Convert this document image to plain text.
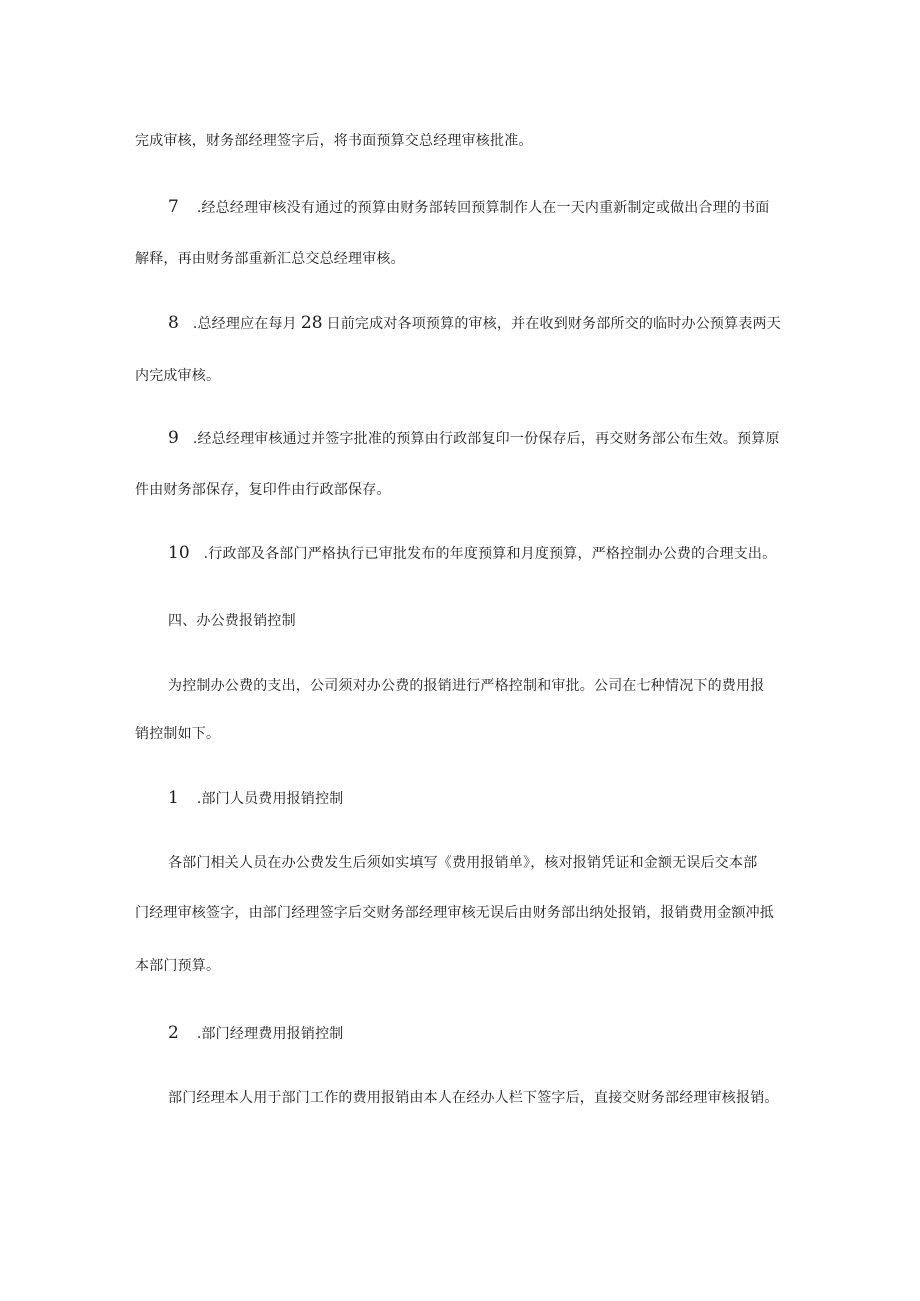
完成审核，财务部经理签字后，将书面预算交总经理审核批准。
7 .经总经理审核没有通过的预算由财务部转回预算制作人在一天内重新制定或做出合理的书面
解释，再由财务部重新汇总交总经理审核。
8 .总经理应在每月 28 日前完成对各项预算的审核，并在收到财务部所交的临时办公预算表两天
内完成审核。
9 .经总经理审核通过并签字批准的预算由行政部复印一份保存后，再交财务部公布生效。预算原
件由财务部保存，复印件由行政部保存。
10 .行政部及各部门严格执行已审批发布的年度预算和月度预算，严格控制办公费的合理支出。
四、办公费报销控制
为控制办公费的支出，公司须对办公费的报销进行严格控制和审批。公司在七种情况下的费用报
销控制如下。
1 .部门人员费用报销控制
各部门相关人员在办公费发生后须如实填写《费用报销单》，核对报销凭证和金额无误后交本部
门经理审核签字，由部门经理签字后交财务部经理审核无误后由财务部出纳处报销，报销费用金额冲抵
本部门预算。
2 .部门经理费用报销控制
部门经理本人用于部门工作的费用报销由本人在经办人栏下签字后，直接交财务部经理审核报销。
